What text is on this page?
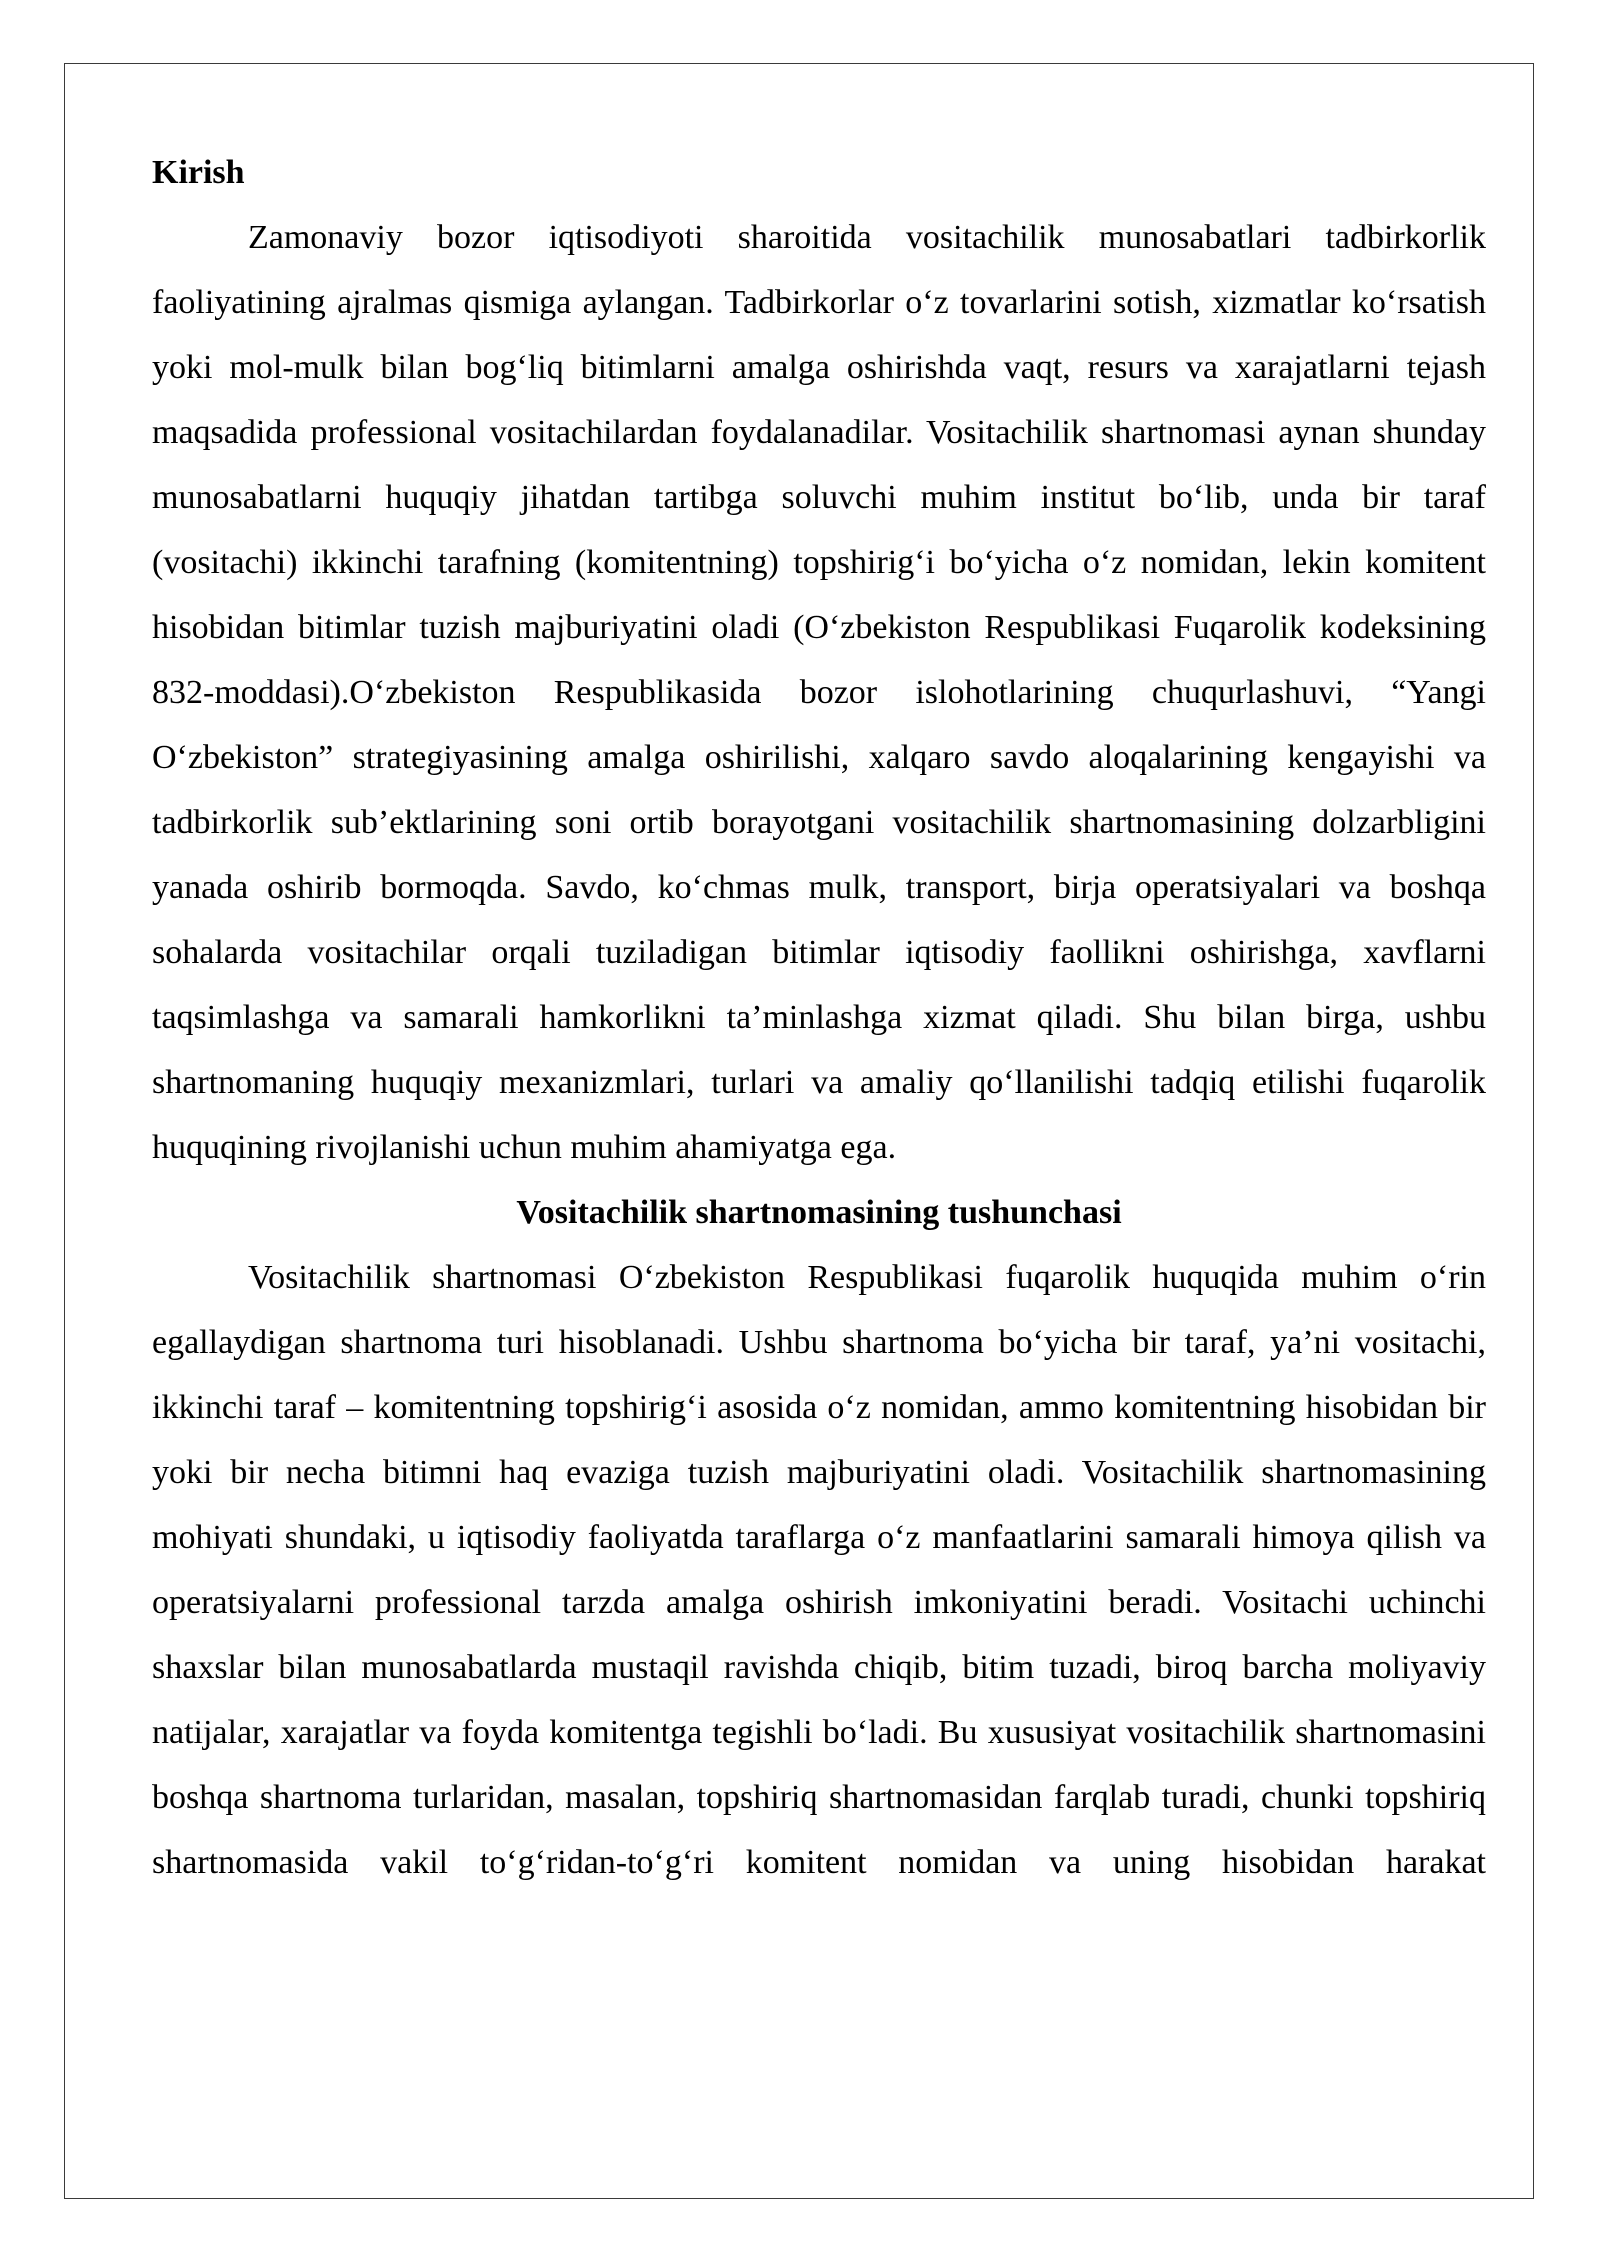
Kirish

Zamonaviy bozor iqtisodiyoti sharoitida vositachilik munosabatlari tadbirkorlik faoliyatining ajralmas qismiga aylangan. Tadbirkorlar o‘z tovarlarini sotish, xizmatlar ko‘rsatish yoki mol-mulk bilan bog‘liq bitimlarni amalga oshirishda vaqt, resurs va xarajatlarni tejash maqsadida professional vositachilardan foydalanadilar. Vositachilik shartnomasi aynan shunday munosabatlarni huquqiy jihatdan tartibga soluvchi muhim institut bo‘lib, unda bir taraf (vositachi) ikkinchi tarafning (komitentning) topshirig‘i bo‘yicha o‘z nomidan, lekin komitent hisobidan bitimlar tuzish majburiyatini oladi (O‘zbekiston Respublikasi Fuqarolik kodeksining 832-moddasi).O‘zbekiston Respublikasida bozor islohotlarining chuqurlashuvi, “Yangi O‘zbekiston” strategiyasining amalga oshirilishi, xalqaro savdo aloqalarining kengayishi va tadbirkorlik sub’ektlarining soni ortib borayotgani vositachilik shartnomasining dolzarbligini yanada oshirib bormoqda. Savdo, ko‘chmas mulk, transport, birja operatsiyalari va boshqa sohalarda vositachilar orqali tuziladigan bitimlar iqtisodiy faollikni oshirishga, xavflarni taqsimlashga va samarali hamkorlikni ta’minlashga xizmat qiladi. Shu bilan birga, ushbu shartnomaning huquqiy mexanizmlari, turlari va amaliy qo‘llanilishi tadqiq etilishi fuqarolik huquqining rivojlanishi uchun muhim ahamiyatga ega.

Vositachilik shartnomasining tushunchasi

Vositachilik shartnomasi O‘zbekiston Respublikasi fuqarolik huquqida muhim o‘rin egallaydigan shartnoma turi hisoblanadi. Ushbu shartnoma bo‘yicha bir taraf, ya’ni vositachi, ikkinchi taraf – komitentning topshirig‘i asosida o‘z nomidan, ammo komitentning hisobidan bir yoki bir necha bitimni haq evaziga tuzish majburiyatini oladi. Vositachilik shartnomasining mohiyati shundaki, u iqtisodiy faoliyatda taraflarga o‘z manfaatlarini samarali himoya qilish va operatsiyalarni professional tarzda amalga oshirish imkoniyatini beradi. Vositachi uchinchi shaxslar bilan munosabatlarda mustaqil ravishda chiqib, bitim tuzadi, biroq barcha moliyaviy natijalar, xarajatlar va foyda komitentga tegishli bo‘ladi. Bu xususiyat vositachilik shartnomasini boshqa shartnoma turlaridan, masalan, topshiriq shartnomasidan farqlab turadi, chunki topshiriq shartnomasida vakil to‘g‘ridan-to‘g‘ri komitent nomidan va uning hisobidan harakat
